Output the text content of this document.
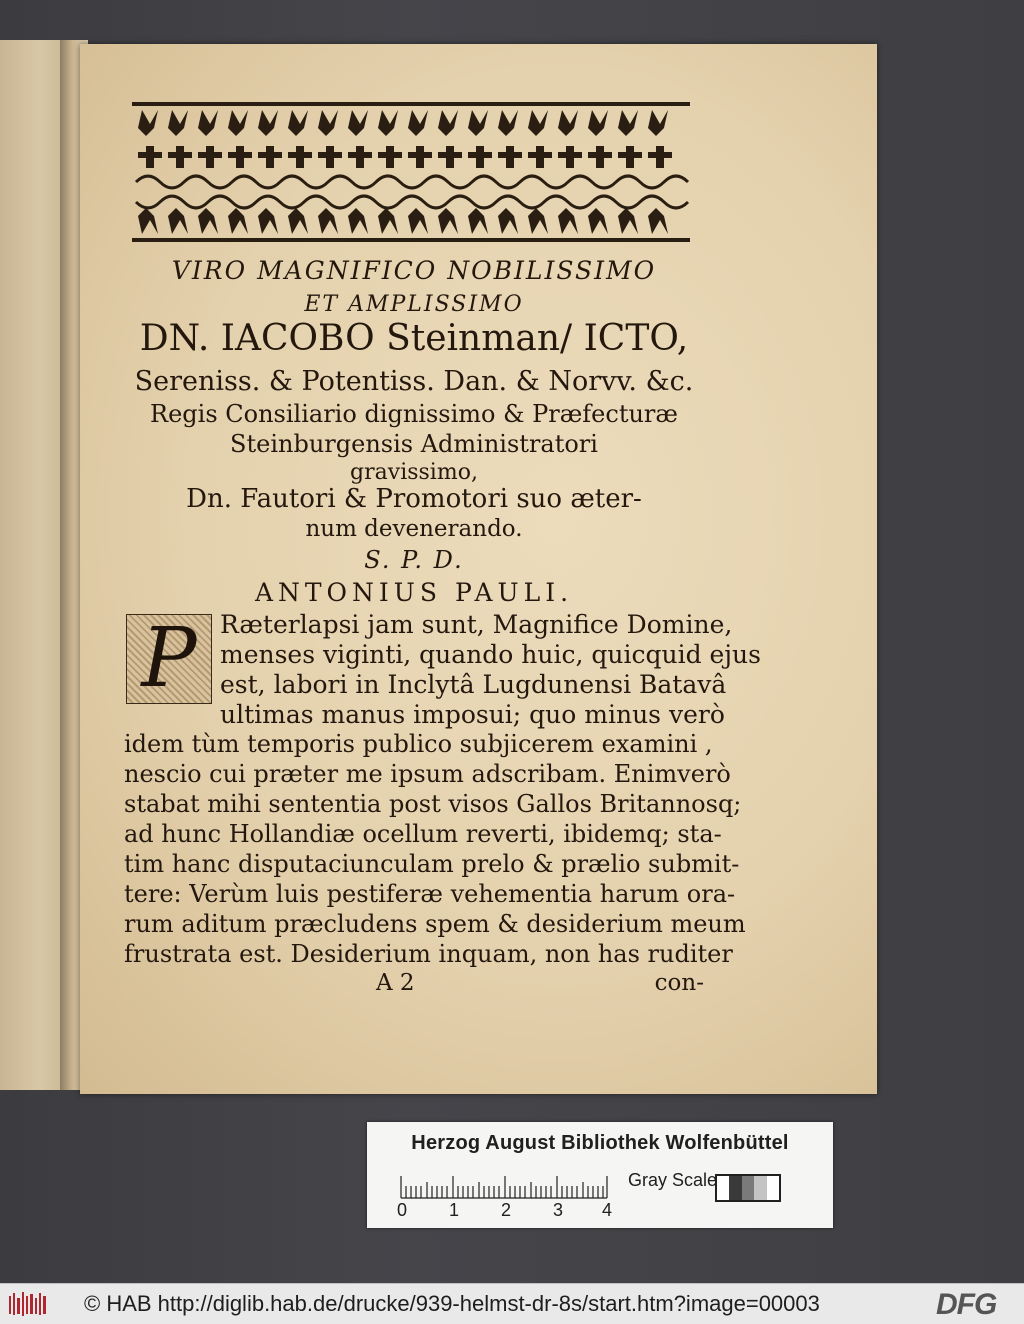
VIRO MAGNIFICO NOBILISSIMO
ET AMPLISSIMO
DN. IACOBO Steinman/ ICTO,
Sereniss. & Potentiss. Dan. & Norvv. &c.
Regis Consiliario dignissimo & Præfecturæ
Steinburgensis Administratori
gravissimo,
Dn. Fautori & Promotori suo æter-
num devenerando.
S. P. D.
ANTONIUS PAULI.
P Ræterlapsi jam sunt, Magnifice Domine,
menses viginti, quando huic, quicquid ejus
est, labori in Inclytâ Lugdunensi Batavâ
ultimas manus imposui; quo minus verò
idem tùm temporis publico subjicerem examini ,
nescio cui præter me ipsum adscribam. Enimverò
stabat mihi sententia post visos Gallos Britannosq;
ad hunc Hollandiæ ocellum reverti, ibidemq; sta-
tim hanc disputaciunculam prelo & prælio submit-
tere: Verùm luis pestiferæ vehementia harum ora-
rum aditum præcludens spem & desiderium meum
frustrata est. Desiderium inquam, non has ruditer
A 2	con-
Herzog August Bibliothek Wolfenbüttel
0 1 2 3 4
Gray Scale
© HAB http://diglib.hab.de/drucke/939-helmst-dr-8s/start.htm?image=00003	DFG
